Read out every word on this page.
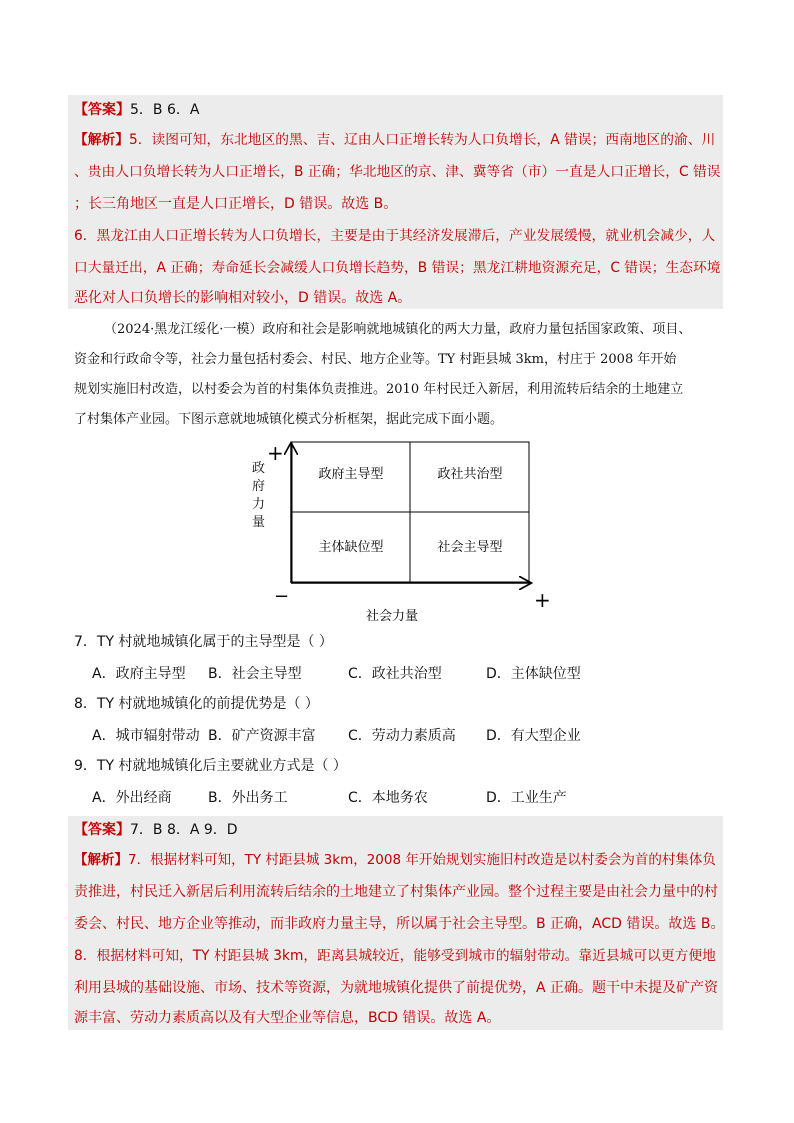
【答案】5．B 6．A
【解析】5．读图可知，东北地区的黑、吉、辽由人口正增长转为人口负增长，A 错误；西南地区的渝、川
、贵由人口负增长转为人口正增长，B 正确；华北地区的京、津、冀等省（市）一直是人口正增长，C 错误
；长三角地区一直是人口正增长，D 错误。故选 B。
6．黑龙江由人口正增长转为人口负增长，主要是由于其经济发展滞后，产业发展缓慢，就业机会减少，人
口大量迁出，A 正确；寿命延长会减缓人口负增长趋势，B 错误；黑龙江耕地资源充足，C 错误；生态环境
恶化对人口负增长的影响相对较小，D 错误。故选 A。
（2024·黑龙江绥化·一模）政府和社会是影响就地城镇化的两大力量，政府力量包括国家政策、项目、
资金和行政命令等，社会力量包括村委会、村民、地方企业等。TY 村距县城 3km，村庄于 2008 年开始
规划实施旧村改造，以村委会为首的村集体负责推进。2010 年村民迁入新居，利用流转后结余的土地建立
了村集体产业园。下图示意就地城镇化模式分析框架，据此完成下面小题。
+
−	+
政府主导型	政社共治型
主体缺位型	社会主导型
社会力量
政府力量
7．TY 村就地城镇化属于的主导型是（ ）
A．政府主导型 B．社会主导型	C．政社共治型	D．主体缺位型
8．TY 村就地城镇化的前提优势是（ ）
A．城市辐射带动 B．矿产资源丰富 C．劳动力素质高 D．有大型企业
9．TY 村就地城镇化后主要就业方式是（ ）
A．外出经商	B．外出务工	C．本地务农	D．工业生产
【答案】7．B 8．A 9．D
【解析】7．根据材料可知，TY 村距县城 3km，2008 年开始规划实施旧村改造是以村委会为首的村集体负
责推进，村民迁入新居后利用流转后结余的土地建立了村集体产业园。整个过程主要是由社会力量中的村
委会、村民、地方企业等推动，而非政府力量主导，所以属于社会主导型。B 正确，ACD 错误。故选 B。
8．根据材料可知，TY 村距县城 3km，距离县城较近，能够受到城市的辐射带动。靠近县城可以更方便地
利用县城的基础设施、市场、技术等资源，为就地城镇化提供了前提优势，A 正确。题干中未提及矿产资
源丰富、劳动力素质高以及有大型企业等信息，BCD 错误。故选 A。
